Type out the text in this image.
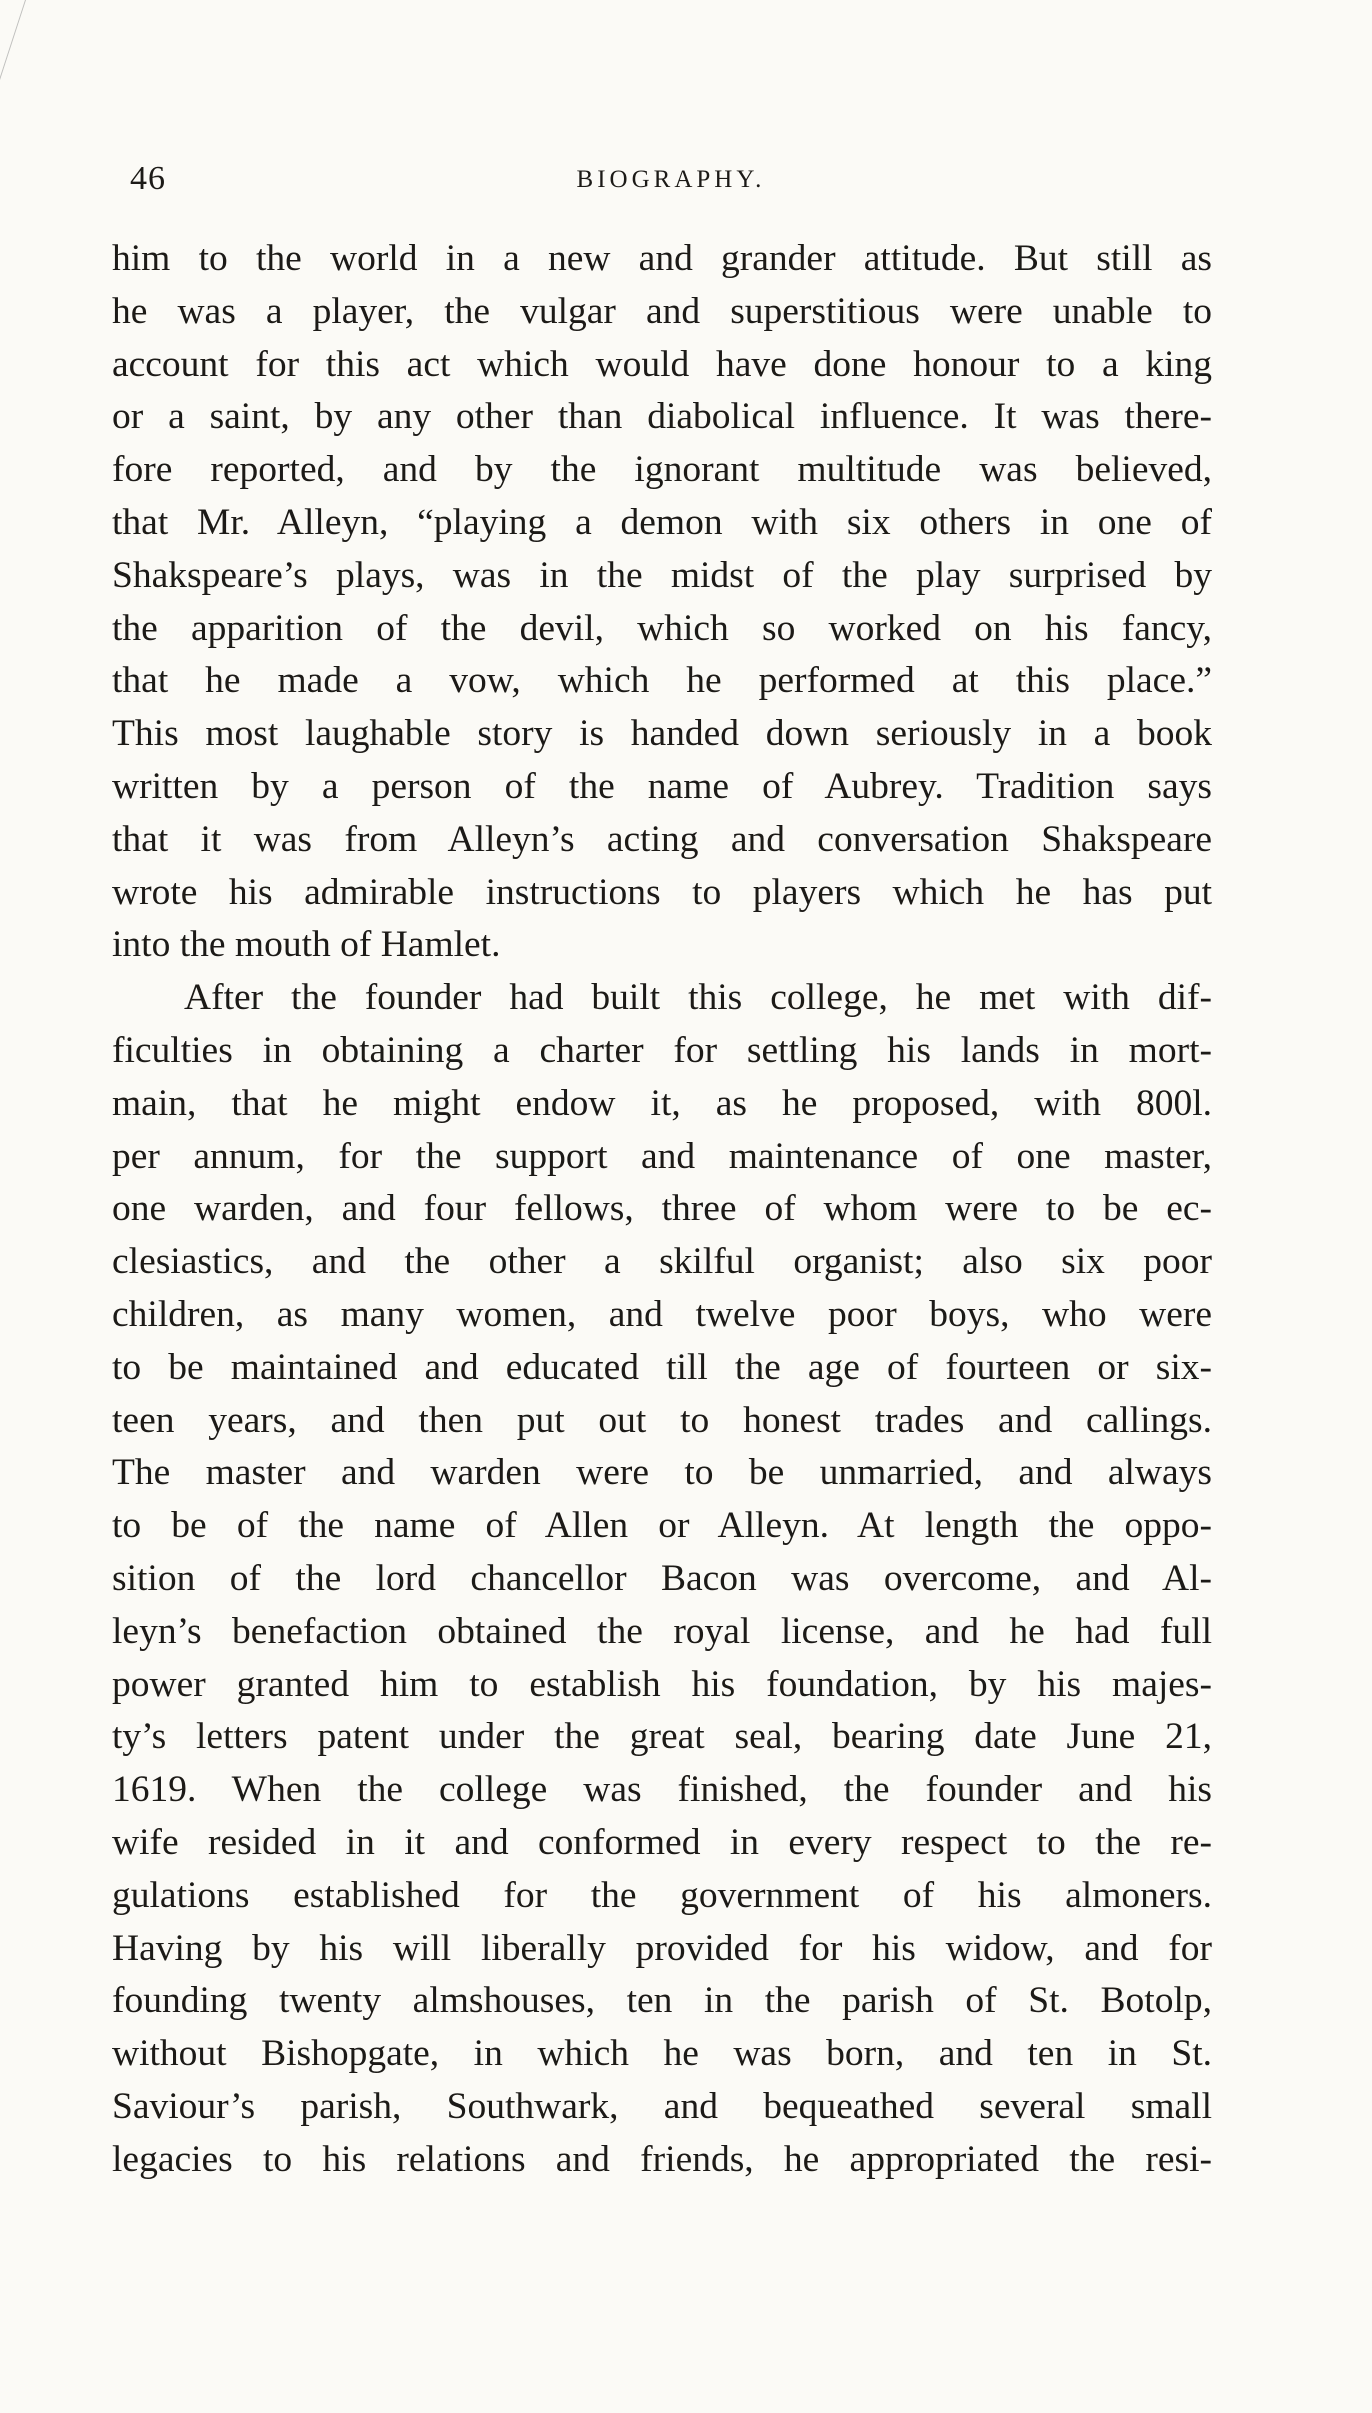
46	BIOGRAPHY.
him to the world in a new and grander attitude. But still as
he was a player, the vulgar and superstitious were unable to
account for this act which would have done honour to a king
or a saint, by any other than diabolical influence. It was there-
fore reported, and by the ignorant multitude was believed,
that Mr. Alleyn, “playing a demon with six others in one of
Shakspeare’s plays, was in the midst of the play surprised by
the apparition of the devil, which so worked on his fancy,
that he made a vow, which he performed at this place.”
This most laughable story is handed down seriously in a book
written by a person of the name of Aubrey. Tradition says
that it was from Alleyn’s acting and conversation Shakspeare
wrote his admirable instructions to players which he has put
into the mouth of Hamlet.
After the founder had built this college, he met with dif-
ficulties in obtaining a charter for settling his lands in mort-
main, that he might endow it, as he proposed, with 800l.
per annum, for the support and maintenance of one master,
one warden, and four fellows, three of whom were to be ec-
clesiastics, and the other a skilful organist; also six poor
children, as many women, and twelve poor boys, who were
to be maintained and educated till the age of fourteen or six-
teen years, and then put out to honest trades and callings.
The master and warden were to be unmarried, and always
to be of the name of Allen or Alleyn. At length the oppo-
sition of the lord chancellor Bacon was overcome, and Al-
leyn’s benefaction obtained the royal license, and he had full
power granted him to establish his foundation, by his majes-
ty’s letters patent under the great seal, bearing date June 21,
1619. When the college was finished, the founder and his
wife resided in it and conformed in every respect to the re-
gulations established for the government of his almoners.
Having by his will liberally provided for his widow, and for
founding twenty almshouses, ten in the parish of St. Botolp,
without Bishopgate, in which he was born, and ten in St.
Saviour’s parish, Southwark, and bequeathed several small
legacies to his relations and friends, he appropriated the resi-
